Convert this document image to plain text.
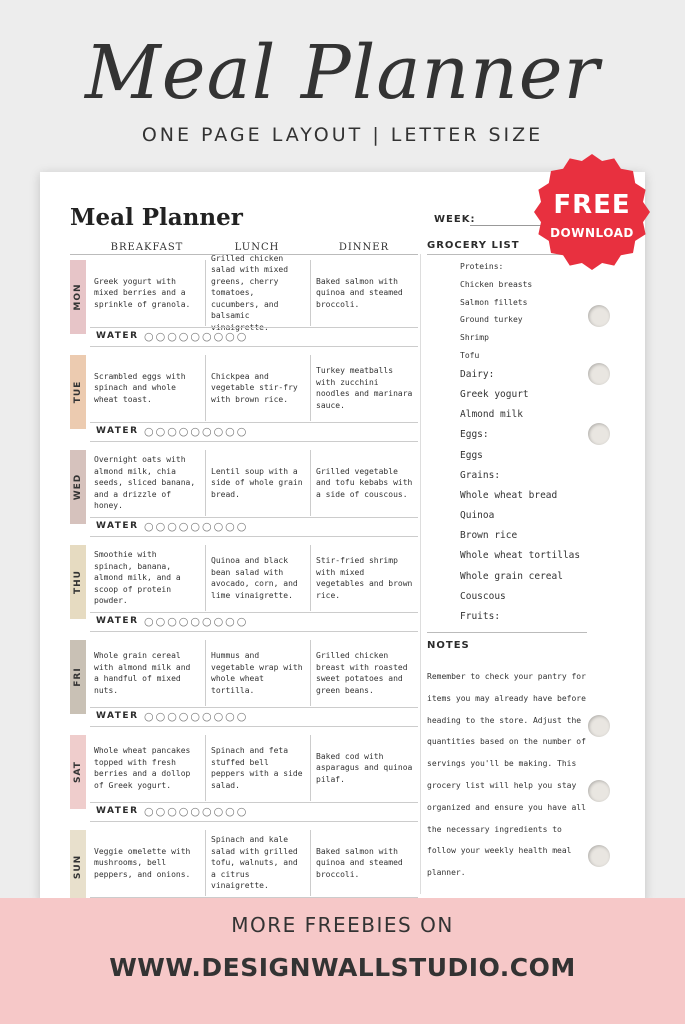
Meal Planner
ONE PAGE LAYOUT | LETTER SIZE
Meal Planner	WEEK:
BREAKFAST	LUNCH	DINNER
MON
Greek yogurt with mixed berries and a sprinkle of granola.
Grilled chicken salad with mixed greens, cherry tomatoes, cucumbers, and balsamic vinaigrette.
Baked salmon with quinoa and steamed broccoli.
WATER ○○○○○○○○○
TUE
Scrambled eggs with spinach and whole wheat toast.
Chickpea and vegetable stir-fry with brown rice.
Turkey meatballs with zucchini noodles and marinara sauce.
WATER ○○○○○○○○○
WED
Overnight oats with almond milk, chia seeds, sliced banana, and a drizzle of honey.
Lentil soup with a side of whole grain bread.
Grilled vegetable and tofu kebabs with a side of couscous.
WATER ○○○○○○○○○
THU
Smoothie with spinach, banana, almond milk, and a scoop of protein powder.
Quinoa and black bean salad with avocado, corn, and lime vinaigrette.
Stir-fried shrimp with mixed vegetables and brown rice.
WATER ○○○○○○○○○
FRI
Whole grain cereal with almond milk and a handful of mixed nuts.
Hummus and vegetable wrap with whole wheat tortilla.
Grilled chicken breast with roasted sweet potatoes and green beans.
WATER ○○○○○○○○○
SAT
Whole wheat pancakes topped with fresh berries and a dollop of Greek yogurt.
Spinach and feta stuffed bell peppers with a side salad.
Baked cod with asparagus and quinoa pilaf.
WATER ○○○○○○○○○
SUN
Veggie omelette with mushrooms, bell peppers, and onions.
Spinach and kale salad with grilled tofu, walnuts, and a citrus vinaigrette.
Baked salmon with quinoa and steamed broccoli.
GROCERY LIST
Proteins:
Chicken breasts
Salmon fillets
Ground turkey
Shrimp
Tofu
Dairy:
Greek yogurt
Almond milk
Eggs:
Eggs
Grains:
Whole wheat bread
Quinoa
Brown rice
Whole wheat tortillas
Whole grain cereal
Couscous
Fruits:
NOTES
Remember to check your pantry for items you may already have before heading to the store. Adjust the quantities based on the number of servings you'll be making. This grocery list will help you stay organized and ensure you have all the necessary ingredients to follow your weekly health meal planner.
FREE
DOWNLOAD
MORE FREEBIES ON
WWW.DESIGNWALLSTUDIO.COM
